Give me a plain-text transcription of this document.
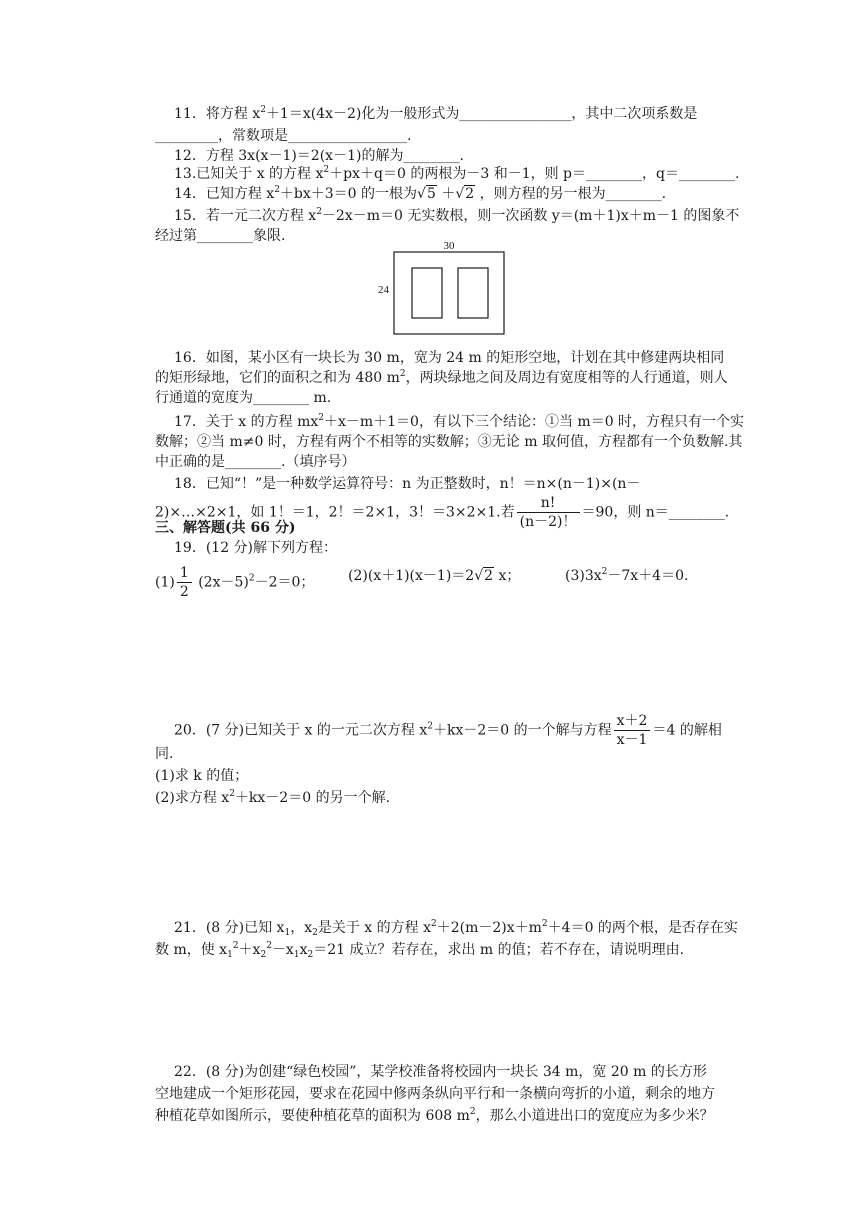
11．将方程 $x^2+1=x(4x-2)$化为一般形式为________________，其中二次项系数是
_________，常数项是_________________.
12．方程 3x(x－1)＝2(x－1)的解为________.
13.已知关于 x 的方程 $x^2+px+q=0$ 的两根为－3 和－1，则 p＝________，q＝________.
14．已知方程 $x^2+bx+3=0$ 的一根为√5 ＋√2 ，则方程的另一根为________.
15．若一元二次方程 $x^2-2x-m=0$ 无实数根，则一次函数 y＝(m＋1)x＋m－1 的图象不
经过第________象限.
30
24
16．如图，某小区有一块长为 30 m，宽为 24 m 的矩形空地，计划在其中修建两块相同
的矩形绿地，它们的面积之和为 480 $m^2$，两块绿地之间及周边有宽度相等的人行通道，则人
行通道的宽度为________ m.
17．关于 x 的方程 $mx^2+x-m+1=0$，有以下三个结论：①当 m＝0 时，方程只有一个实
数解；②当 m≠0 时，方程有两个不相等的实数解；③无论 m 取何值，方程都有一个负数解.其
中正确的是________.（填序号）
18．已知“！”是一种数学运算符号：n 为正整数时，n！＝n×(n－1)×(n－
2)×…×2×1，如 1！＝1，2！＝2×1，3！＝3×2×1.若 $\frac{n!}{(n-2)!} =90$，则 n＝________.
三、解答题(共 66 分)
19．(12 分)解下列方程：
$(1) \frac{1}{2} (2x-5)^2-2=0$； (2)(x＋1)(x－1)＝2√2 x；	$(3)3x^2-7x+4=0$.
20．(7 分)已知关于 x 的一元二次方程 $x^2+kx-2=0$ 的一个解与方程 $\frac{x+2}{x-1} =4$ 的解相
同.
(1)求 k 的值；
(2)求方程 $x^2+kx-2=0$ 的另一个解.
21．(8 分)已知 $x_1$，$x_2$是关于 x 的方程 $x^2+2(m-2)x+m^2+4=0$ 的两个根，是否存在实
数 m，使 $x_1^2+x_2^2-x_1x_2=21$ 成立？若存在，求出 m 的值；若不存在，请说明理由.
22．(8 分)为创建“绿色校园”，某学校准备将校园内一块长 34 m，宽 20 m 的长方形
空地建成一个矩形花园，要求在花园中修两条纵向平行和一条横向弯折的小道，剩余的地方
种植花草如图所示，要使种植花草的面积为 608 $m^2$，那么小道进出口的宽度应为多少米？
